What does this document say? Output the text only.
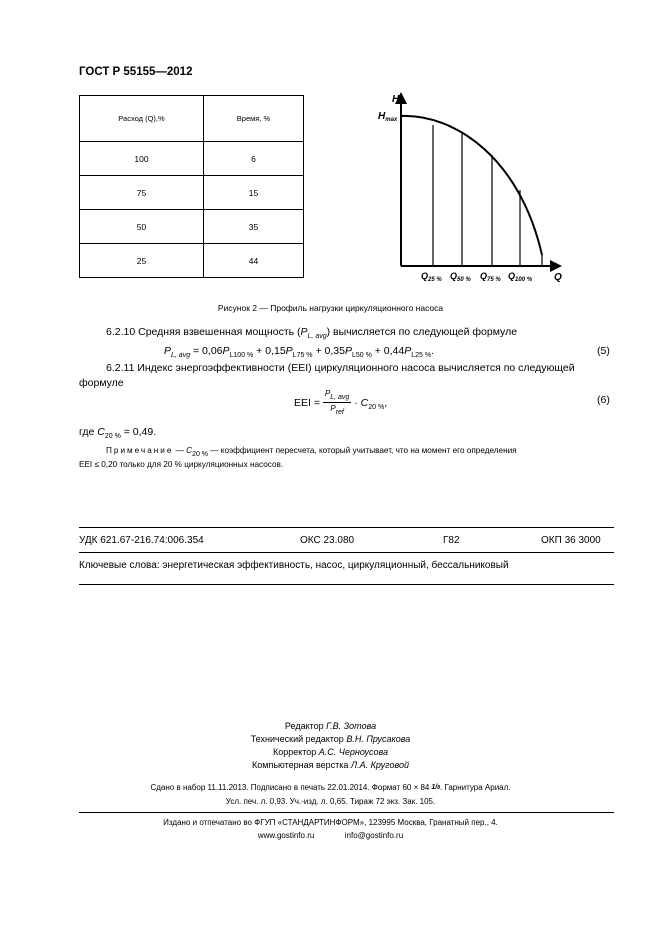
ГОСТ Р 55155—2012
Расход (Q),%	Время, %
100	6
75	15
50	35
25	44
H
$H_{max}$
Q
$Q_{25 \%}$ $Q_{50 \%}$ $Q_{75 \%}$ $Q_{100 \%}$
Рисунок 2 — Профиль нагрузки циркуляционного насоса
6.2.10 Средняя взвешенная мощность $(P_{L, avg})$ вычисляется по следующей формуле
$P_{L, avg} = 0,06P_{L100 \%} + 0,15P_{L75 \%} + 0,35P_{L50 \%} + 0,44P_{L25 \%}$.	(5)
6.2.11 Индекс энергоэффективности (EEI) циркуляционного насоса вычисляется по следующей
формуле
EEI = $\frac{P_{L, avg}}{P_{ref}} \cdot C_{20 \%}$,	(6)
где $C_{20 \%} = 0,49$.
Примечание — $C_{20 \%}$ — коэффициент пересчета, который учитывает, что на момент его определения
EEI ≤ 0,20 только для 20 % циркуляционных насосов.
УДК 621.67-216.74:006.354	ОКС 23.080	Г82	ОКП 36 3000
Ключевые слова: энергетическая эффективность, насос, циркуляционный, бессальниковый
Редактор Г.В. Зотова
Технический редактор В.Н. Прусакова
Корректор А.С. Черноусова
Компьютерная верстка Л.А. Круговой
Сдано в набор 11.11.2013. Подписано в печать 22.01.2014. Формат 60 × 84 1/8. Гарнитура Ариал.
Усл. печ. л. 0,93. Уч.-изд. л. 0,65. Тираж 72 экз. Зак. 105.
Издано и отпечатано во ФГУП «СТАНДАРТИНФОРМ», 123995 Москва, Гранатный пер., 4.
www.gostinfo.ru	info@gostinfo.ru
